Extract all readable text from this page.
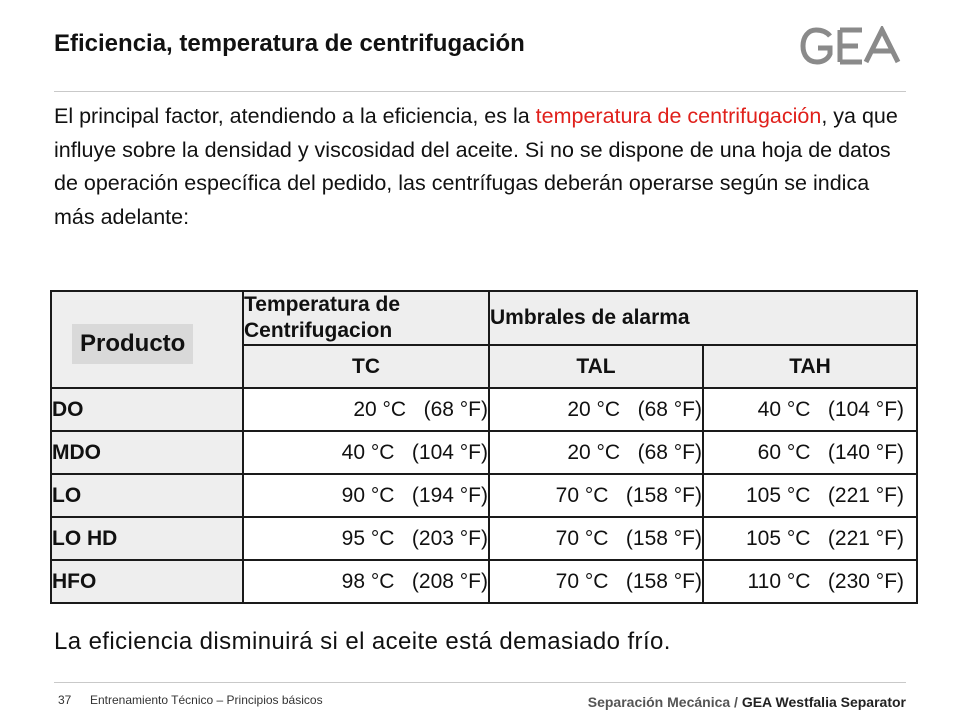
Eficiencia, temperatura de centrifugación
El principal factor, atendiendo a la eficiencia, es la temperatura de centrifugación, ya que influye sobre la densidad y viscosidad del aceite. Si no se dispone de una hoja de datos de operación específica del pedido, las centrífugas deberán operarse según se indica más adelante:
Producto	Temperatura de Centrifugacion	Umbrales de alarma	
	TC	TAL	TAH
DO	20 °C   (68 °F)	20 °C   (68 °F)	40 °C   (104 °F)
MDO	40 °C   (104 °F)	20 °C   (68 °F)	60 °C   (140 °F)
LO	90 °C   (194 °F)	70 °C   (158 °F)	105 °C   (221 °F)
LO HD	95 °C   (203 °F)	70 °C   (158 °F)	105 °C   (221 °F)
HFO	98 °C   (208 °F)	70 °C   (158 °F)	110 °C   (230 °F)
La eficiencia disminuirá si el aceite está demasiado frío.
37 Entrenamiento Técnico – Principios básicos	Separación Mecánica / GEA Westfalia Separator
